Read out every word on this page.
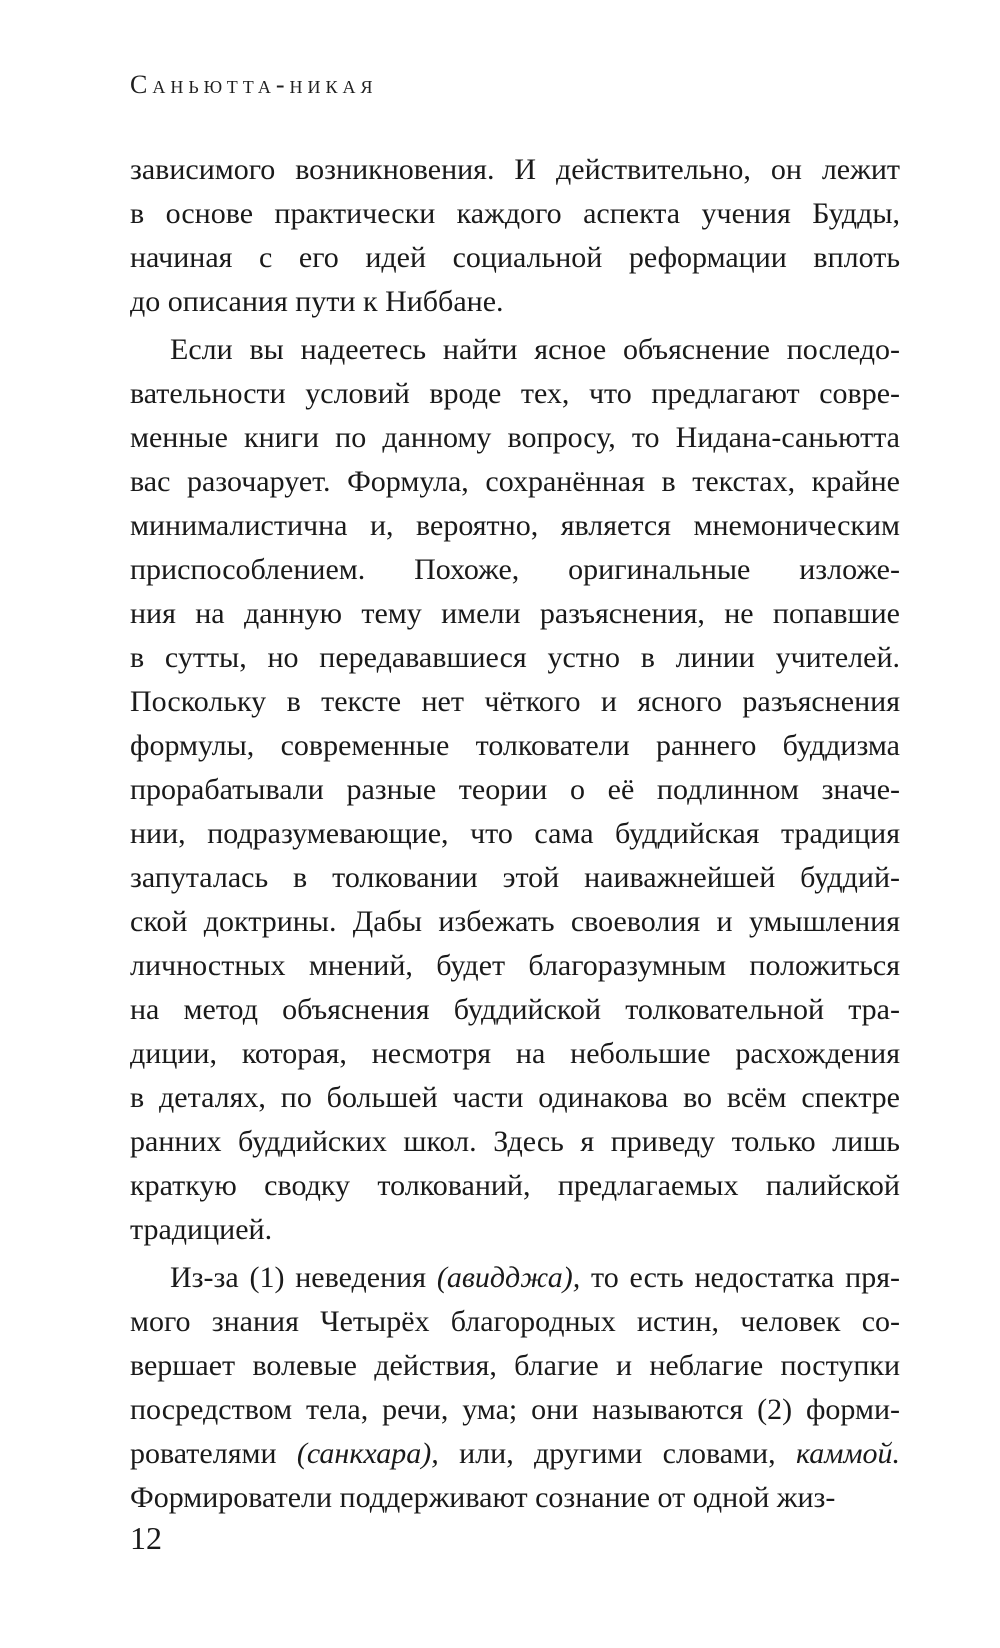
Саньютта-никая
зависимого возникновения. И действительно, он лежит
в основе практически каждого аспекта учения Будды,
начиная с его идей социальной реформации вплоть
до описания пути к Ниббане.
Если вы надеетесь найти ясное объяснение последо-
вательности условий вроде тех, что предлагают совре-
менные книги по данному вопросу, то Нидана-саньютта
вас разочарует. Формула, сохранённая в текстах, крайне
минималистична и, вероятно, является мнемоническим
приспособлением. Похоже, оригинальные изложе-
ния на данную тему имели разъяснения, не попавшие
в сутты, но передававшиеся устно в линии учителей.
Поскольку в тексте нет чёткого и ясного разъяснения
формулы, современные толкователи раннего буддизма
прорабатывали разные теории о её подлинном значе-
нии, подразумевающие, что сама буддийская традиция
запуталась в толковании этой наиважнейшей буддий-
ской доктрины. Дабы избежать своеволия и умышления
личностных мнений, будет благоразумным положиться
на метод объяснения буддийской толковательной тра-
диции, которая, несмотря на небольшие расхождения
в деталях, по большей части одинакова во всём спектре
ранних буддийских школ. Здесь я приведу только лишь
краткую сводку толкований, предлагаемых палийской
традицией.
Из-за (1) неведения (авидджа), то есть недостатка пря-
мого знания Четырёх благородных истин, человек со-
вершает волевые действия, благие и неблагие поступки
посредством тела, речи, ума; они называются (2) форми-
рователями (санкхара), или, другими словами, каммой.
Формирователи поддерживают сознание от одной жиз-
12
